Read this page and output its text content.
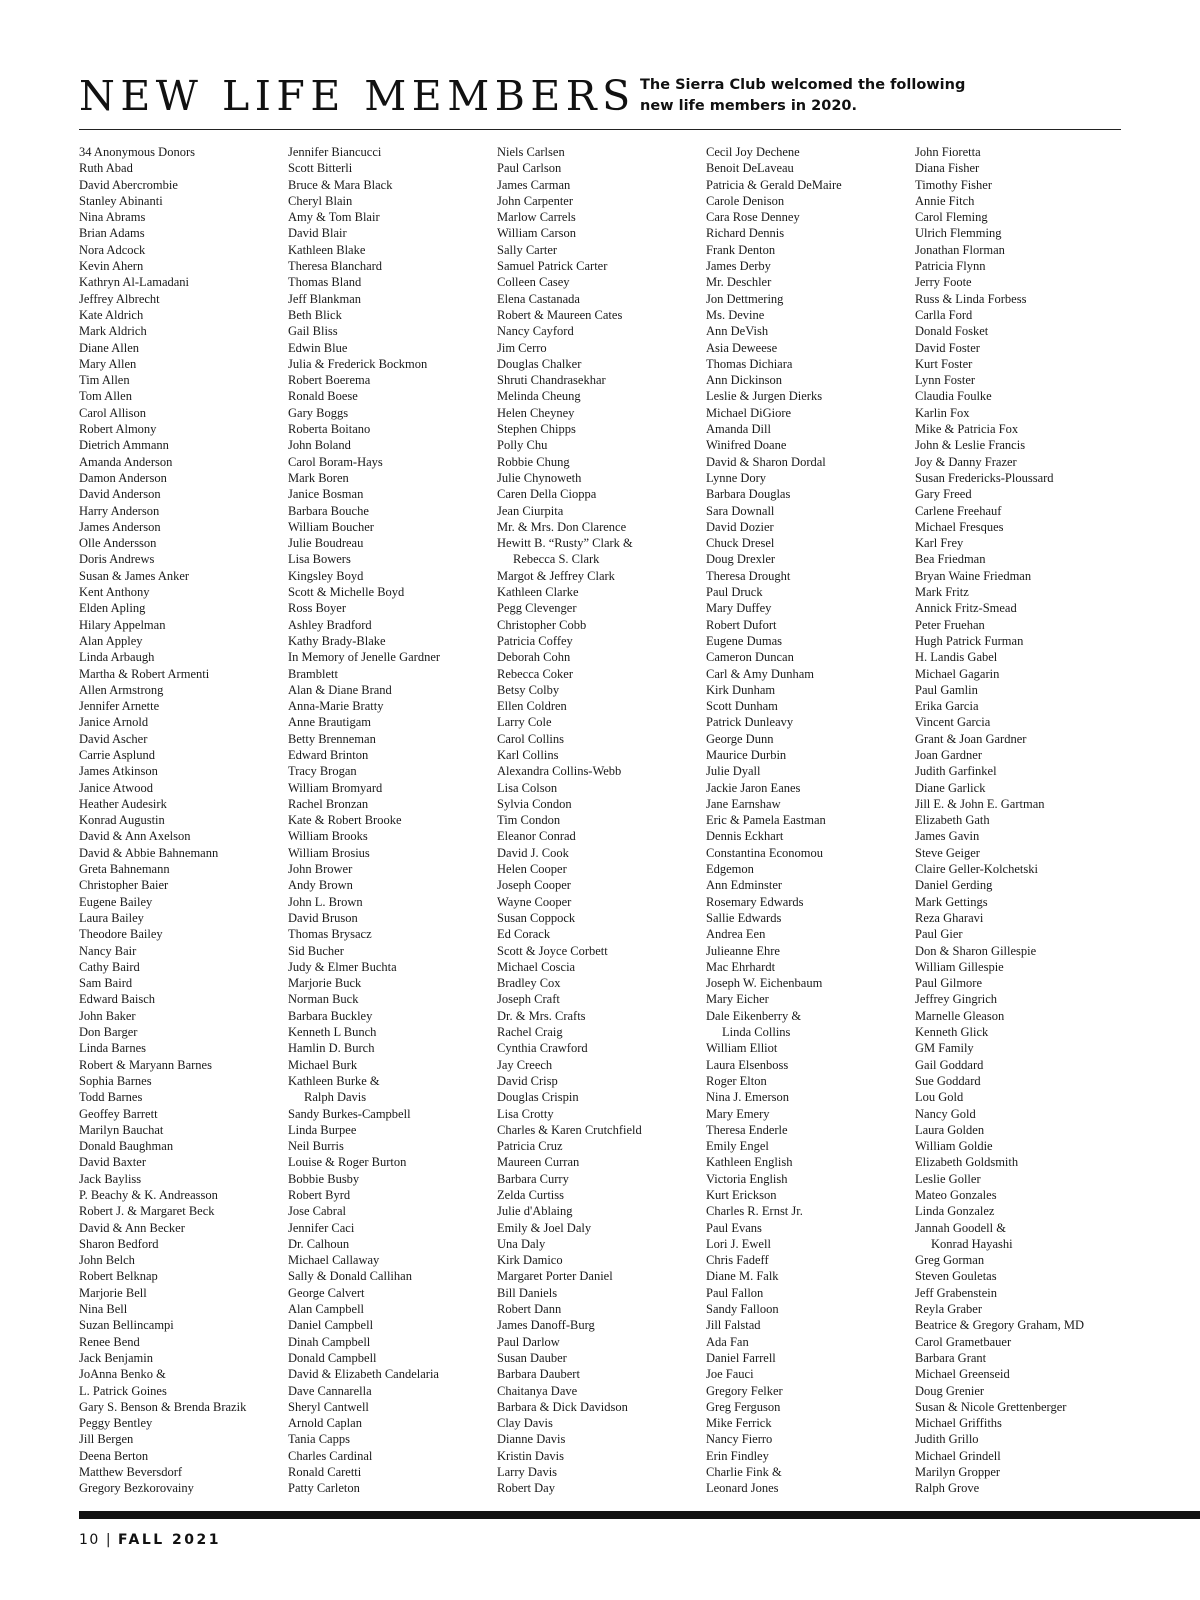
NEW LIFE MEMBERS The Sierra Club welcomed the following
new life members in 2020.

34 Anonymous Donors
Ruth Abad
David Abercrombie
Stanley Abinanti
Nina Abrams
Brian Adams
Nora Adcock
Kevin Ahern
Kathryn Al-Lamadani
Jeffrey Albrecht
Kate Aldrich
Mark Aldrich
Diane Allen
Mary Allen
Tim Allen
Tom Allen
Carol Allison
Robert Almony
Dietrich Ammann
Amanda Anderson
Damon Anderson
David Anderson
Harry Anderson
James Anderson
Olle Andersson
Doris Andrews
Susan & James Anker
Kent Anthony
Elden Apling
Hilary Appelman
Alan Appley
Linda Arbaugh
Martha & Robert Armenti
Allen Armstrong
Jennifer Arnette
Janice Arnold
David Ascher
Carrie Asplund
James Atkinson
Janice Atwood
Heather Audesirk
Konrad Augustin
David & Ann Axelson
David & Abbie Bahnemann
Greta Bahnemann
Christopher Baier
Eugene Bailey
Laura Bailey
Theodore Bailey
Nancy Bair
Cathy Baird
Sam Baird
Edward Baisch
John Baker
Don Barger
Linda Barnes
Robert & Maryann Barnes
Sophia Barnes
Todd Barnes
Geoffey Barrett
Marilyn Bauchat
Donald Baughman
David Baxter
Jack Bayliss
P. Beachy & K. Andreasson
Robert J. & Margaret Beck
David & Ann Becker
Sharon Bedford
John Belch
Robert Belknap
Marjorie Bell
Nina Bell
Suzan Bellincampi
Renee Bend
Jack Benjamin
JoAnna Benko &
L. Patrick Goines
Gary S. Benson & Brenda Brazik
Peggy Bentley
Jill Bergen
Deena Berton
Matthew Beversdorf
Gregory Bezkorovainy
Jennifer Biancucci
Scott Bitterli
Bruce & Mara Black
Cheryl Blain
Amy & Tom Blair
David Blair
Kathleen Blake
Theresa Blanchard
Thomas Bland
Jeff Blankman
Beth Blick
Gail Bliss
Edwin Blue
Julia & Frederick Bockmon
Robert Boerema
Ronald Boese
Gary Boggs
Roberta Boitano
John Boland
Carol Boram-Hays
Mark Boren
Janice Bosman
Barbara Bouche
William Boucher
Julie Boudreau
Lisa Bowers
Kingsley Boyd
Scott & Michelle Boyd
Ross Boyer
Ashley Bradford
Kathy Brady-Blake
In Memory of Jenelle Gardner
Bramblett
Alan & Diane Brand
Anna-Marie Bratty
Anne Brautigam
Betty Brenneman
Edward Brinton
Tracy Brogan
William Bromyard
Rachel Bronzan
Kate & Robert Brooke
William Brooks
William Brosius
John Brower
Andy Brown
John L. Brown
David Bruson
Thomas Brysacz
Sid Bucher
Judy & Elmer Buchta
Marjorie Buck
Norman Buck
Barbara Buckley
Kenneth L Bunch
Hamlin D. Burch
Michael Burk
Kathleen Burke &
Ralph Davis
Sandy Burkes-Campbell
Linda Burpee
Neil Burris
Louise & Roger Burton
Bobbie Busby
Robert Byrd
Jose Cabral
Jennifer Caci
Dr. Calhoun
Michael Callaway
Sally & Donald Callihan
George Calvert
Alan Campbell
Daniel Campbell
Dinah Campbell
Donald Campbell
David & Elizabeth Candelaria
Dave Cannarella
Sheryl Cantwell
Arnold Caplan
Tania Capps
Charles Cardinal
Ronald Caretti
Patty Carleton
Niels Carlsen
Paul Carlson
James Carman
John Carpenter
Marlow Carrels
William Carson
Sally Carter
Samuel Patrick Carter
Colleen Casey
Elena Castanada
Robert & Maureen Cates
Nancy Cayford
Jim Cerro
Douglas Chalker
Shruti Chandrasekhar
Melinda Cheung
Helen Cheyney
Stephen Chipps
Polly Chu
Robbie Chung
Julie Chynoweth
Caren Della Cioppa
Jean Ciurpita
Mr. & Mrs. Don Clarence
Hewitt B. “Rusty” Clark &
Rebecca S. Clark
Margot & Jeffrey Clark
Kathleen Clarke
Pegg Clevenger
Christopher Cobb
Patricia Coffey
Deborah Cohn
Rebecca Coker
Betsy Colby
Ellen Coldren
Larry Cole
Carol Collins
Karl Collins
Alexandra Collins-Webb
Lisa Colson
Sylvia Condon
Tim Condon
Eleanor Conrad
David J. Cook
Helen Cooper
Joseph Cooper
Wayne Cooper
Susan Coppock
Ed Corack
Scott & Joyce Corbett
Michael Coscia
Bradley Cox
Joseph Craft
Dr. & Mrs. Crafts
Rachel Craig
Cynthia Crawford
Jay Creech
David Crisp
Douglas Crispin
Lisa Crotty
Charles & Karen Crutchfield
Patricia Cruz
Maureen Curran
Barbara Curry
Zelda Curtiss
Julie d'Ablaing
Emily & Joel Daly
Una Daly
Kirk Damico
Margaret Porter Daniel
Bill Daniels
Robert Dann
James Danoff-Burg
Paul Darlow
Susan Dauber
Barbara Daubert
Chaitanya Dave
Barbara & Dick Davidson
Clay Davis
Dianne Davis
Kristin Davis
Larry Davis
Robert Day
Cecil Joy Dechene
Benoit DeLaveau
Patricia & Gerald DeMaire
Carole Denison
Cara Rose Denney
Richard Dennis
Frank Denton
James Derby
Mr. Deschler
Jon Dettmering
Ms. Devine
Ann DeVish
Asia Deweese
Thomas Dichiara
Ann Dickinson
Leslie & Jurgen Dierks
Michael DiGiore
Amanda Dill
Winifred Doane
David & Sharon Dordal
Lynne Dory
Barbara Douglas
Sara Downall
David Dozier
Chuck Dresel
Doug Drexler
Theresa Drought
Paul Druck
Mary Duffey
Robert Dufort
Eugene Dumas
Cameron Duncan
Carl & Amy Dunham
Kirk Dunham
Scott Dunham
Patrick Dunleavy
George Dunn
Maurice Durbin
Julie Dyall
Jackie Jaron Eanes
Jane Earnshaw
Eric & Pamela Eastman
Dennis Eckhart
Constantina Economou
Edgemon
Ann Edminster
Rosemary Edwards
Sallie Edwards
Andrea Een
Julieanne Ehre
Mac Ehrhardt
Joseph W. Eichenbaum
Mary Eicher
Dale Eikenberry &
Linda Collins
William Elliot
Laura Elsenboss
Roger Elton
Nina J. Emerson
Mary Emery
Theresa Enderle
Emily Engel
Kathleen English
Victoria English
Kurt Erickson
Charles R. Ernst Jr.
Paul Evans
Lori J. Ewell
Chris Fadeff
Diane M. Falk
Paul Fallon
Sandy Falloon
Jill Falstad
Ada Fan
Daniel Farrell
Joe Fauci
Gregory Felker
Greg Ferguson
Mike Ferrick
Nancy Fierro
Erin Findley
Charlie Fink &
Leonard Jones
John Fioretta
Diana Fisher
Timothy Fisher
Annie Fitch
Carol Fleming
Ulrich Flemming
Jonathan Florman
Patricia Flynn
Jerry Foote
Russ & Linda Forbess
Carlla Ford
Donald Fosket
David Foster
Kurt Foster
Lynn Foster
Claudia Foulke
Karlin Fox
Mike & Patricia Fox
John & Leslie Francis
Joy & Danny Frazer
Susan Fredericks-Ploussard
Gary Freed
Carlene Freehauf
Michael Fresques
Karl Frey
Bea Friedman
Bryan Waine Friedman
Mark Fritz
Annick Fritz-Smead
Peter Fruehan
Hugh Patrick Furman
H. Landis Gabel
Michael Gagarin
Paul Gamlin
Erika Garcia
Vincent Garcia
Grant & Joan Gardner
Joan Gardner
Judith Garfinkel
Diane Garlick
Jill E. & John E. Gartman
Elizabeth Gath
James Gavin
Steve Geiger
Claire Geller-Kolchetski
Daniel Gerding
Mark Gettings
Reza Gharavi
Paul Gier
Don & Sharon Gillespie
William Gillespie
Paul Gilmore
Jeffrey Gingrich
Marnelle Gleason
Kenneth Glick
GM Family
Gail Goddard
Sue Goddard
Lou Gold
Nancy Gold
Laura Golden
William Goldie
Elizabeth Goldsmith
Leslie Goller
Mateo Gonzales
Linda Gonzalez
Jannah Goodell &
Konrad Hayashi
Greg Gorman
Steven Gouletas
Jeff Grabenstein
Reyla Graber
Beatrice & Gregory Graham, MD
Carol Grametbauer
Barbara Grant
Michael Greenseid
Doug Grenier
Susan & Nicole Grettenberger
Michael Griffiths
Judith Grillo
Michael Grindell
Marilyn Gropper
Ralph Grove
10 | FALL 2021
